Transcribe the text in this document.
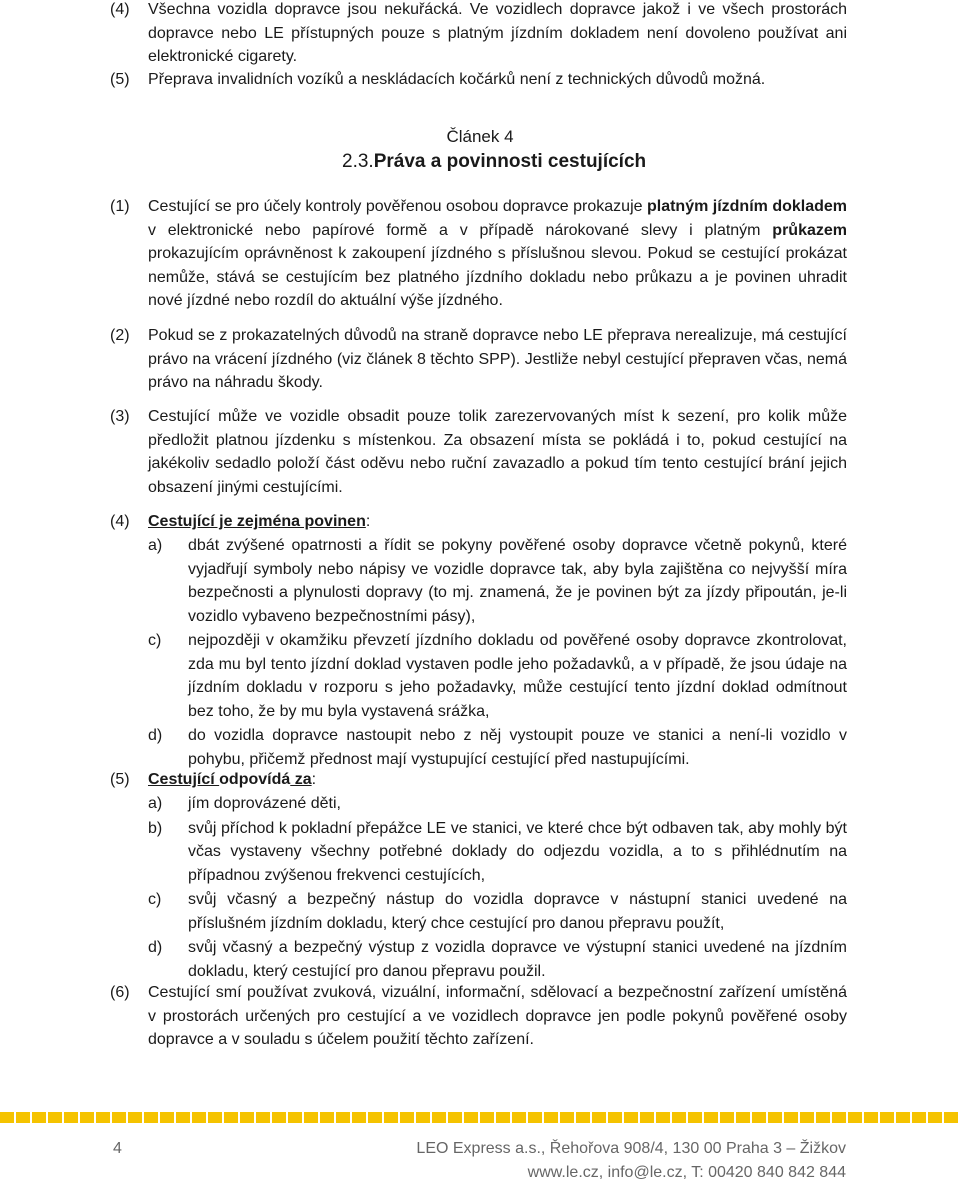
(4)	Všechna vozidla dopravce jsou nekuřácká. Ve vozidlech dopravce jakož i ve všech prostorách dopravce nebo LE přístupných pouze s platným jízdním dokladem není dovoleno používat ani elektronické cigarety.
(5)	Přeprava invalidních vozíků a neskládacích kočárků není z technických důvodů možná.
Článek 4
2.3.Práva a povinnosti cestujících
(1)	Cestující se pro účely kontroly pověřenou osobou dopravce prokazuje platným jízdním dokladem v elektronické nebo papírové formě a v případě nárokované slevy i platným průkazem prokazujícím oprávněnost k zakoupení jízdného s příslušnou slevou. Pokud se cestující prokázat nemůže, stává se cestujícím bez platného jízdního dokladu nebo průkazu a je povinen uhradit nové jízdné nebo rozdíl do aktuální výše jízdného.
(2)	Pokud se z prokazatelných důvodů na straně dopravce nebo LE přeprava nerealizuje, má cestující právo na vrácení jízdného (viz článek 8 těchto SPP). Jestliže nebyl cestující přepraven včas, nemá právo na náhradu škody.
(3)	Cestující může ve vozidle obsadit pouze tolik zarezervovaných míst k sezení, pro kolik může předložit platnou jízdenku s místenkou. Za obsazení místa se pokládá i to, pokud cestující na jakékoliv sedadlo položí část oděvu nebo ruční zavazadlo a pokud tím tento cestující brání jejich obsazení jinými cestujícími.
(4)	Cestující je zejména povinen:
a)	dbát zvýšené opatrnosti a řídit se pokyny pověřené osoby dopravce včetně pokynů, které vyjadřují symboly nebo nápisy ve vozidle dopravce tak, aby byla zajištěna co nejvyšší míra bezpečnosti a plynulosti dopravy (to mj. znamená, že je povinen být za jízdy připoután, je-li vozidlo vybaveno bezpečnostními pásy),
c)	nejpozději v okamžiku převzetí jízdního dokladu od pověřené osoby dopravce zkontrolovat, zda mu byl tento jízdní doklad vystaven podle jeho požadavků, a v případě, že jsou údaje na jízdním dokladu v rozporu s jeho požadavky, může cestující tento jízdní doklad odmítnout bez toho, že by mu byla vystavená srážka,
d)	do vozidla dopravce nastoupit nebo z něj vystoupit pouze ve stanici a není-li vozidlo v pohybu, přičemž přednost mají vystupující cestující před nastupujícími.
(5)	Cestující odpovídá za:
a)	jím doprovázené děti,
b)	svůj příchod k pokladní přepážce LE ve stanici, ve které chce být odbaven tak, aby mohly být včas vystaveny všechny potřebné doklady do odjezdu vozidla, a to s přihlédnutím na případnou zvýšenou frekvenci cestujících,
c)	svůj včasný a bezpečný nástup do vozidla dopravce v nástupní stanici uvedené na příslušném jízdním dokladu, který chce cestující pro danou přepravu použít,
d)	svůj včasný a bezpečný výstup z vozidla dopravce ve výstupní stanici uvedené na jízdním dokladu, který cestující pro danou přepravu použil.
(6)	Cestující smí používat zvuková, vizuální, informační, sdělovací a bezpečnostní zařízení umístěná v prostorách určených pro cestující a ve vozidlech dopravce jen podle pokynů pověřené osoby dopravce a v souladu s účelem použití těchto zařízení.
4	LEO Express a.s., Řehořova 908/4, 130 00 Praha 3 – Žižkov
www.le.cz, info@le.cz, T: 00420 840 842 844
